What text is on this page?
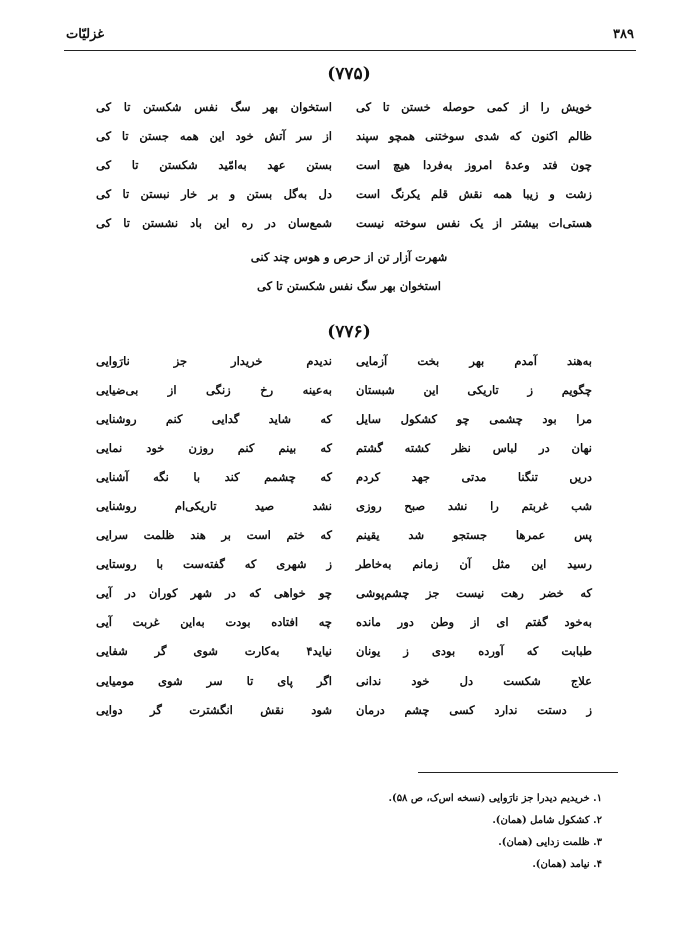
غزلیّات	۳۸۹
(۷۷۵)
خویش را از کمی حوصله خستن تا کی
استخوان بهر سگ نفس شکستن تا کی
ظالم اکنون که شدی سوختنی همچو سپند
از سر آتش خود این همه جستن تا کی
چون فتد وعدهٔ امروز به‌فردا هیچ است
بستن عهد به‌امّید شکستن تا کی
زشت و زیبا همه نقش قلم یکرنگ است
دل به‌گل بستن و بر خار نبستن تا کی
هستی‌ات بیشتر از یک نفس سوخته نیست
شمع‌سان در ره این باد نشستن تا کی
شهرت آزار تن از حرص و هوس چند کنی
استخوان بهر سگ نفس شکستن تا کی
(۷۷۶)
به‌هند آمدم بهر بخت آزمایی
ندیدم خریدار جز نارَوایی
چگویم ز تاریکی این شبستان
به‌عینه رخ زنگی از بی‌ضیایی
مرا بود چشمی چو کشکول سایل
که شاید گدایی کنم روشنایی
نهان در لباس نظر کشته گشتم
که بینم کنم روزن خود نمایی
دریں تنگنا مدتی جهد کردم
که چشمم کند با نگه آشنایی
شب غربتم را نشد صبح روزی
نشد صید تاریکی‌ام روشنایی
پس عمرها جستجو شد یقینم
که ختم است بر هند ظلمت سرایی
رسید این مثل آن زمانم به‌خاطر
ز شهری که گفته‌ست با روستایی
که خضر رهت نیست جز چشم‌پوشی
چو خواهی که در شهر کوران در آیی
به‌خود گفتم ای از وطن دور مانده
چه افتاده بودت به‌این غربت آیی
طبابت که آورده بودی ز یونان
نیاید۴ به‌کارت شوی گر شفایی
علاج شکست دل خود ندانی
اگر پای تا سر شوی مومیایی
ز دستت ندارد کسی چشم درمان
شود نقش انگشترت گر دوایی
۱. خریدیم دیدرا جز نارَوایی (نسخه اس‌ک، ص ۵۸).
۲. کشکول شامل (همان).
۳. ظلمت زدایی (همان).
۴. نیامد (همان).
